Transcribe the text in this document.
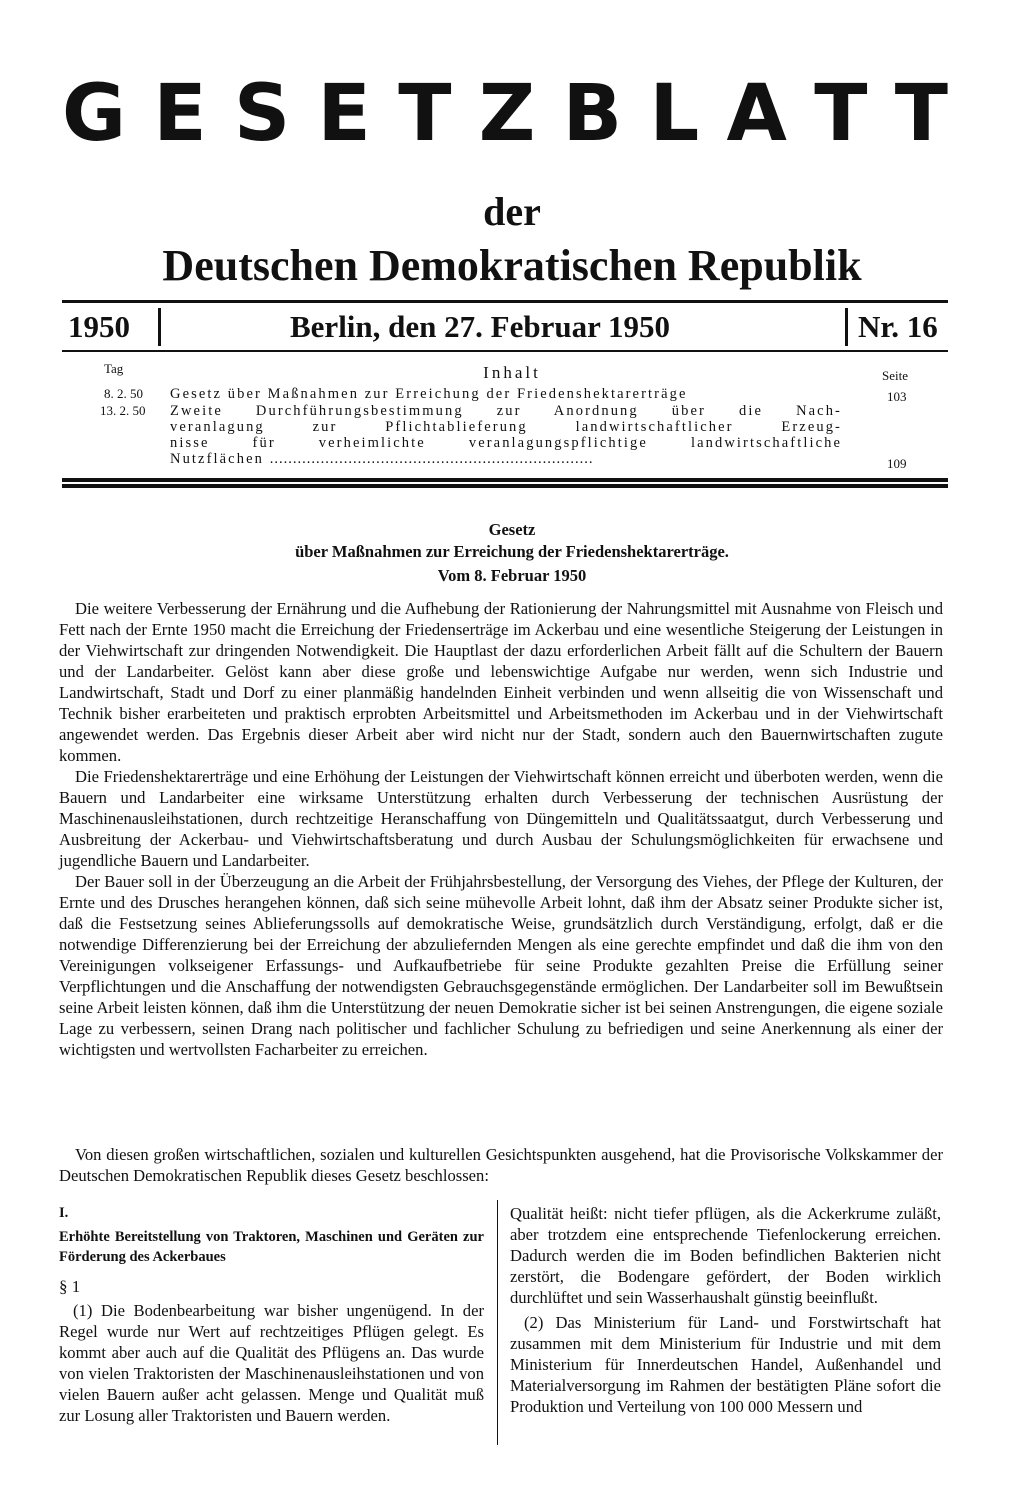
G E S E T Z B L A T T
der
Deutschen Demokratischen Republik
1950	Berlin, den 27. Februar 1950	Nr. 16
Tag	Inhalt	Seite
8. 2. 50 Gesetz über Maßnahmen zur Erreichung der Friedenshektarerträge	103
13. 2. 50 Zweite Durchführungsbestimmung zur Anordnung über die Nach-
veranlagung zur Pflichtablieferung landwirtschaftlicher Erzeug-
nisse für verheimlichte veranlagungspflichtige landwirtschaftliche
Nutzflächen ......................................................................	109
Gesetz
über Maßnahmen zur Erreichung der Friedenshektarerträge.
Vom 8. Februar 1950

Die weitere Verbesserung der Ernährung und die Aufhebung der Rationierung der Nahrungsmittel mit Ausnahme von Fleisch und Fett nach der Ernte 1950 macht die Erreichung der Friedenserträge im Ackerbau und eine wesentliche Steigerung der Leistungen in der Viehwirtschaft zur dringenden Notwendigkeit. Die Hauptlast der dazu erforderlichen Arbeit fällt auf die Schultern der Bauern und der Landarbeiter. Gelöst kann aber diese große und lebenswichtige Aufgabe nur werden, wenn sich Industrie und Landwirtschaft, Stadt und Dorf zu einer planmäßig handelnden Einheit verbinden und wenn allseitig die von Wissenschaft und Technik bisher erarbeiteten und praktisch erprobten Arbeitsmittel und Arbeitsmethoden im Ackerbau und in der Viehwirtschaft angewendet werden. Das Ergebnis dieser Arbeit aber wird nicht nur der Stadt, sondern auch den Bauernwirtschaften zugute kommen.

Die Friedenshektarerträge und eine Erhöhung der Leistungen der Viehwirtschaft können erreicht und überboten werden, wenn die Bauern und Landarbeiter eine wirksame Unterstützung erhalten durch Verbesserung der technischen Ausrüstung der Maschinenausleihstationen, durch rechtzeitige Heranschaffung von Düngemitteln und Qualitätssaatgut, durch Verbesserung und Ausbreitung der Ackerbau- und Viehwirtschaftsberatung und durch Ausbau der Schulungsmöglichkeiten für erwachsene und jugendliche Bauern und Landarbeiter.

Der Bauer soll in der Überzeugung an die Arbeit der Frühjahrsbestellung, der Versorgung des Viehes, der Pflege der Kulturen, der Ernte und des Drusches herangehen können, daß sich seine mühevolle Arbeit lohnt, daß ihm der Absatz seiner Produkte sicher ist, daß die Festsetzung seines Ablieferungssolls auf demokratische Weise, grundsätzlich durch Verständigung, erfolgt, daß er die notwendige Differenzierung bei der Erreichung der abzuliefernden Mengen als eine gerechte empfindet und daß die ihm von den Vereinigungen volkseigener Erfassungs- und Aufkaufbetriebe für seine Produkte gezahlten Preise die Erfüllung seiner Verpflichtungen und die Anschaffung der notwendigsten Gebrauchsgegenstände ermöglichen. Der Landarbeiter soll im Bewußtsein seine Arbeit leisten können, daß ihm die Unterstützung der neuen Demokratie sicher ist bei seinen Anstrengungen, die eigene soziale Lage zu verbessern, seinen Drang nach politischer und fachlicher Schulung zu befriedigen und seine Anerkennung als einer der wichtigsten und wertvollsten Facharbeiter zu erreichen.

Von diesen großen wirtschaftlichen, sozialen und kulturellen Gesichtspunkten ausgehend, hat die Provisorische Volkskammer der Deutschen Demokratischen Republik dieses Gesetz beschlossen:

I.

Erhöhte Bereitstellung von Traktoren, Maschinen und Geräten zur Förderung des Ackerbaues

§ 1

(1) Die Bodenbearbeitung war bisher ungenügend. In der Regel wurde nur Wert auf rechtzeitiges Pflügen gelegt. Es kommt aber auch auf die Qualität des Pflügens an. Das wurde von vielen Traktoristen der Maschinenausleihstationen und von vielen Bauern außer acht gelassen. Menge und Qualität muß zur Losung aller Traktoristen und Bauern werden.

Qualität heißt: nicht tiefer pflügen, als die Ackerkrume zuläßt, aber trotzdem eine entsprechende Tiefenlockerung erreichen. Dadurch werden die im Boden befindlichen Bakterien nicht zerstört, die Bodengare gefördert, der Boden wirklich durchlüftet und sein Wasserhaushalt günstig beeinflußt.

(2) Das Ministerium für Land- und Forstwirtschaft hat zusammen mit dem Ministerium für Industrie und mit dem Ministerium für Innerdeutschen Handel, Außenhandel und Materialversorgung im Rahmen der bestätigten Pläne sofort die Produktion und Verteilung von 100 000 Messern und
